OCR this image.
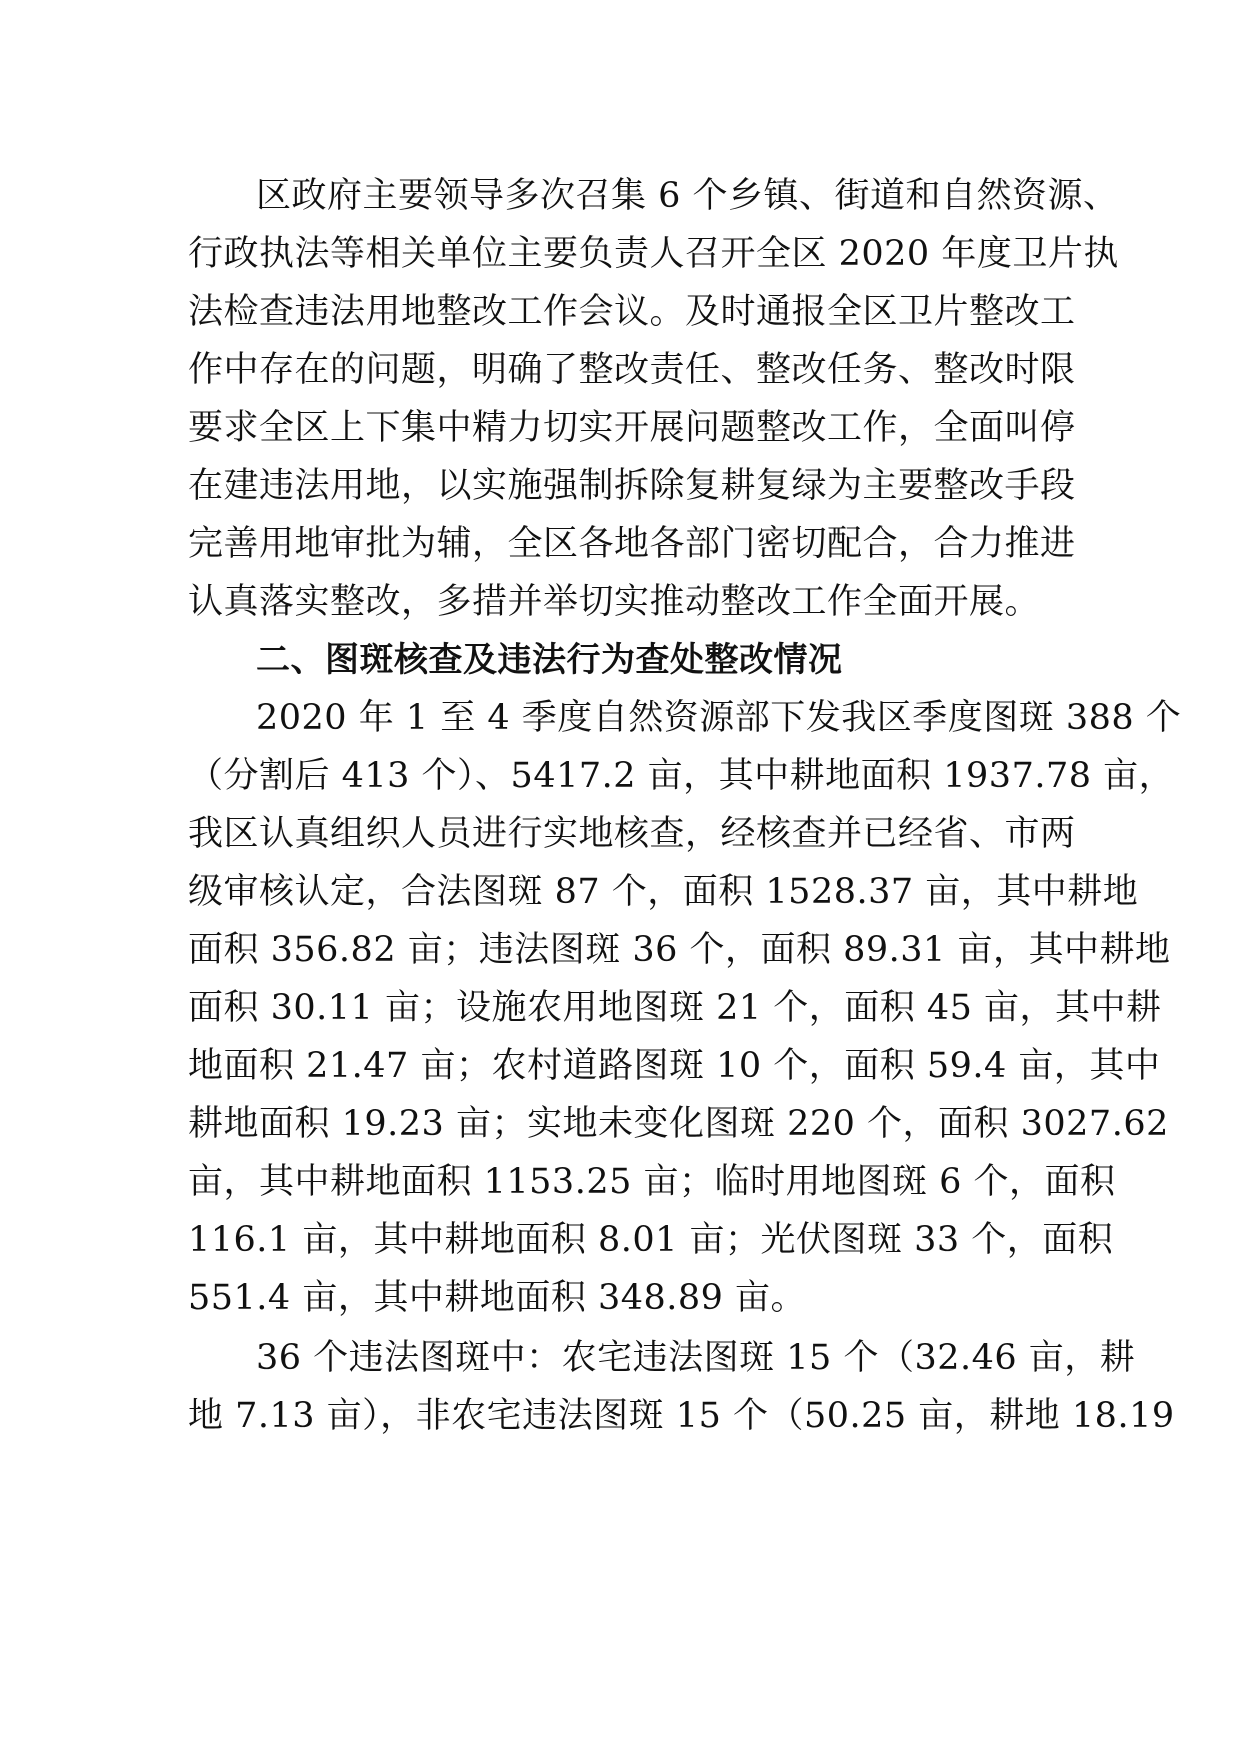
区政府主要领导多次召集 6 个乡镇、街道和自然资源、
行政执法等相关单位主要负责人召开全区 2020 年度卫片执
法检查违法用地整改工作会议。及时通报全区卫片整改工
作中存在的问题，明确了整改责任、整改任务、整改时限
要求全区上下集中精力切实开展问题整改工作，全面叫停
在建违法用地，以实施强制拆除复耕复绿为主要整改手段
完善用地审批为辅，全区各地各部门密切配合，合力推进
认真落实整改，多措并举切实推动整改工作全面开展。
二、图斑核查及违法行为查处整改情况
2020 年 1 至 4 季度自然资源部下发我区季度图斑 388 个
（分割后 413 个）、5417.2 亩，其中耕地面积 1937.78 亩，
我区认真组织人员进行实地核查，经核查并已经省、市两
级审核认定，合法图斑 87 个，面积 1528.37 亩，其中耕地
面积 356.82 亩；违法图斑 36 个，面积 89.31 亩，其中耕地
面积 30.11 亩；设施农用地图斑 21 个，面积 45 亩，其中耕
地面积 21.47 亩；农村道路图斑 10 个，面积 59.4 亩，其中
耕地面积 19.23 亩；实地未变化图斑 220 个，面积 3027.62
亩，其中耕地面积 1153.25 亩；临时用地图斑 6 个，面积
116.1 亩，其中耕地面积 8.01 亩；光伏图斑 33 个，面积
551.4 亩，其中耕地面积 348.89 亩。
36 个违法图斑中：农宅违法图斑 15 个（32.46 亩，耕
地 7.13 亩），非农宅违法图斑 15 个（50.25 亩，耕地 18.19
